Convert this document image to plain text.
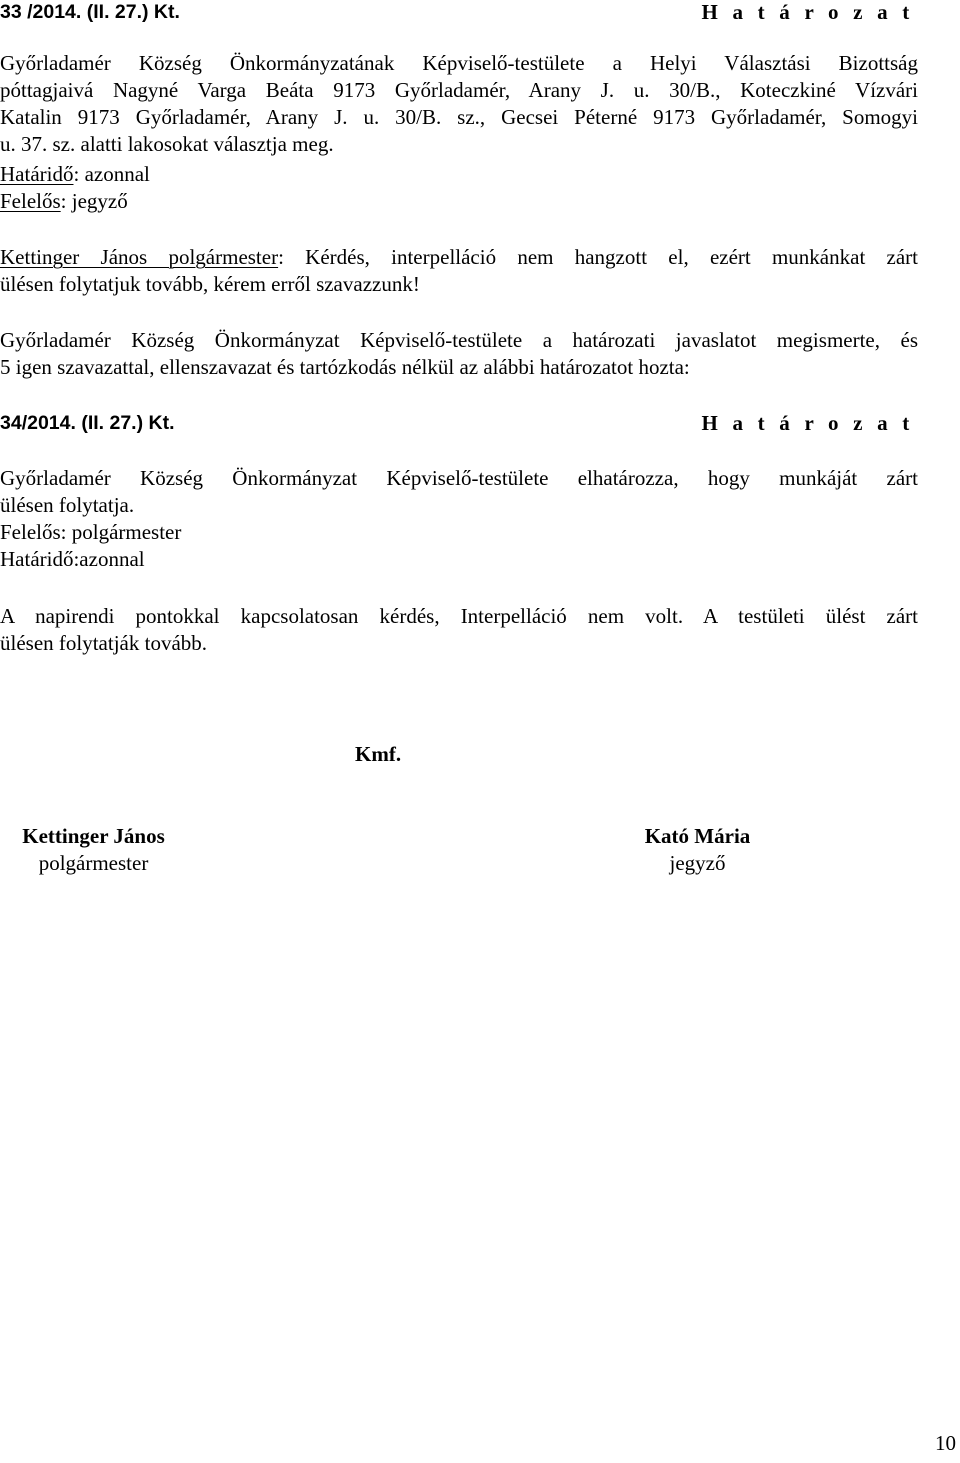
33 /2014. (II. 27.) Kt.	H a t á r o z a t
Győrladamér Község Önkormányzatának Képviselő-testülete a Helyi Választási Bizottság
póttagjaivá Nagyné Varga Beáta 9173 Győrladamér, Arany J. u. 30/B., Koteczkiné Vízvári
Katalin 9173 Győrladamér, Arany J. u. 30/B. sz., Gecsei Péterné 9173 Győrladamér, Somogyi
u. 37. sz. alatti lakosokat választja meg.
Határidő: azonnal
Felelős: jegyző
Kettinger János polgármester: Kérdés, interpelláció nem hangzott el, ezért munkánkat zárt
ülésen folytatjuk tovább, kérem erről szavazzunk!
Győrladamér Község Önkormányzat Képviselő-testülete a határozati javaslatot megismerte, és
5 igen szavazattal, ellenszavazat és tartózkodás nélkül az alábbi határozatot hozta:
34/2014. (II. 27.) Kt.	H a t á r o z a t
Győrladamér Község Önkormányzat Képviselő-testülete elhatározza, hogy munkáját zárt
ülésen folytatja.
Felelős: polgármester
Határidő:azonnal
A napirendi pontokkal kapcsolatosan kérdés, Interpelláció nem volt. A testületi ülést zárt
ülésen folytatják tovább.
Kmf.
Kettinger János
polgármester
Kató Mária
jegyző
10
